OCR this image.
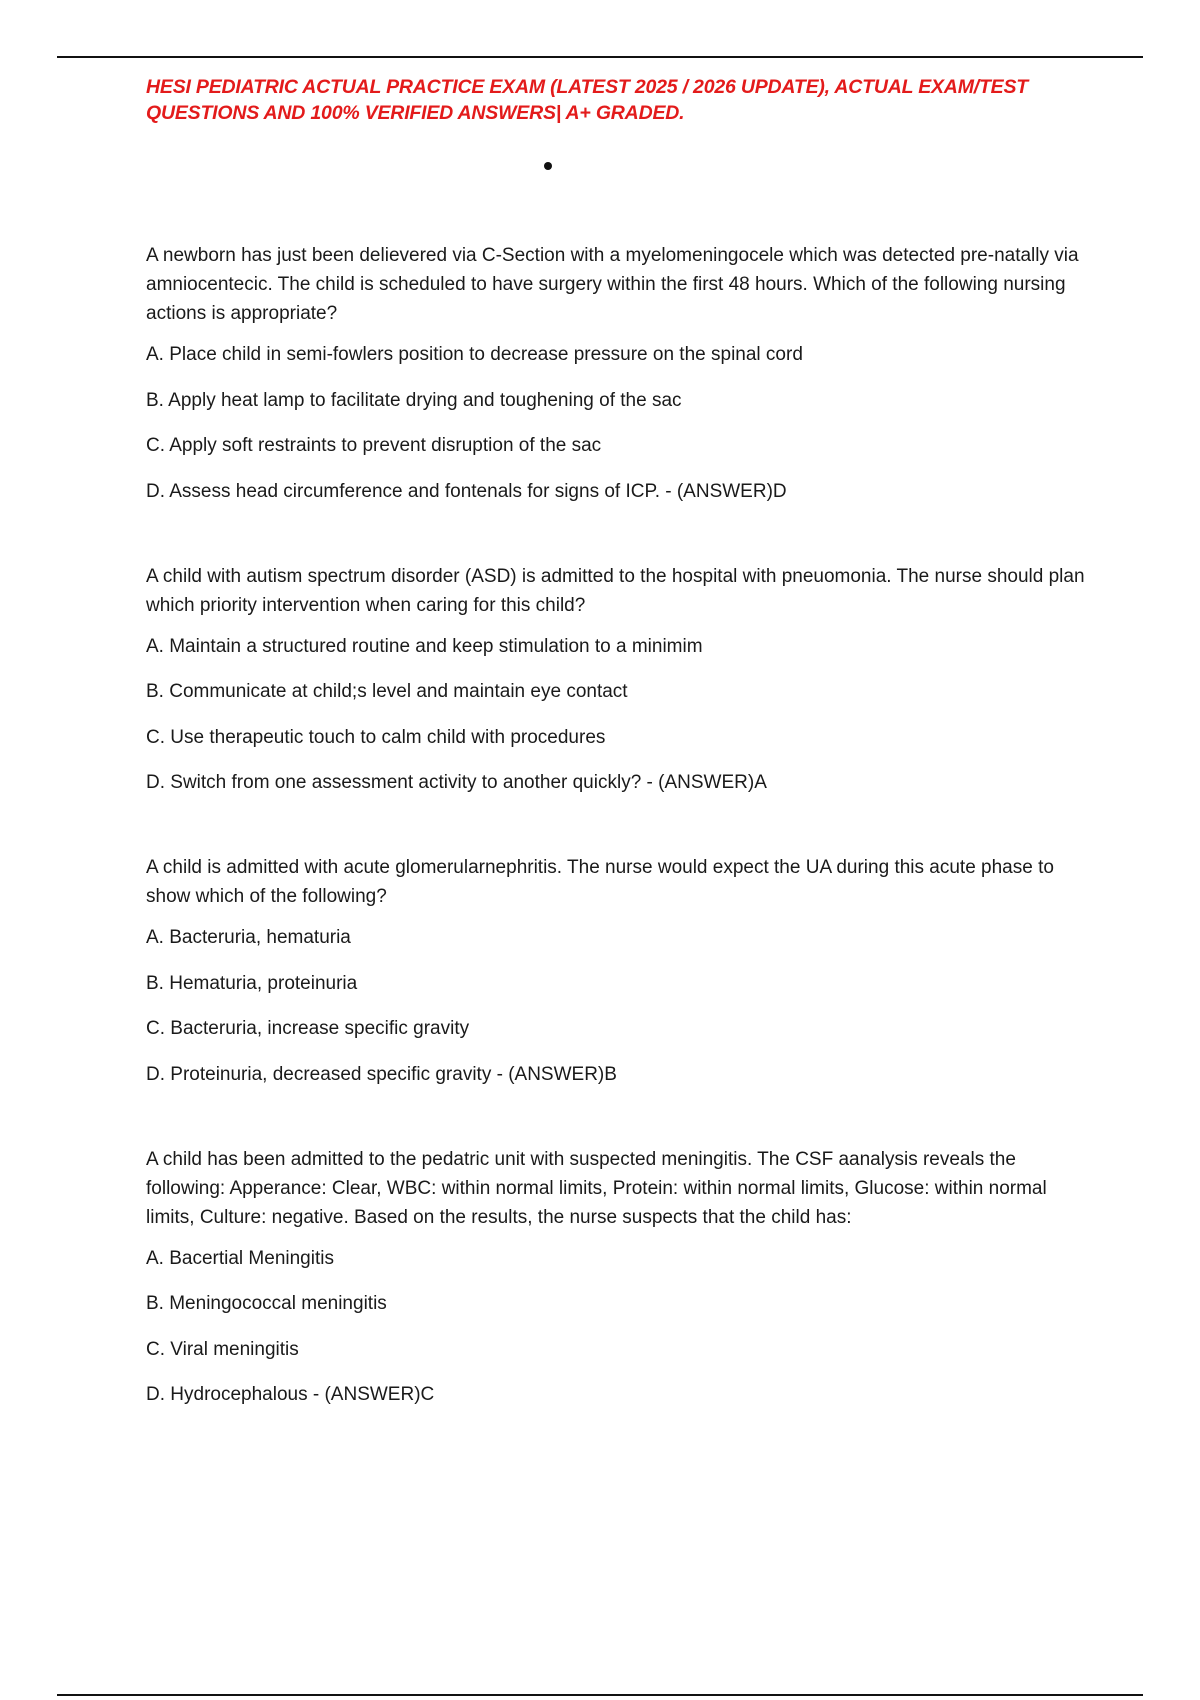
HESI PEDIATRIC ACTUAL PRACTICE EXAM (LATEST 2025 / 2026 UPDATE), ACTUAL EXAM/TEST QUESTIONS AND 100% VERIFIED ANSWERS| A+ GRADED.

A newborn has just been delievered via C-Section with a myelomeningocele which was detected pre-natally via amniocentecic. The child is scheduled to have surgery within the first 48 hours. Which of the following nursing actions is appropriate?

A. Place child in semi-fowlers position to decrease pressure on the spinal cord

B. Apply heat lamp to facilitate drying and toughening of the sac

C. Apply soft restraints to prevent disruption of the sac

D. Assess head circumference and fontenals for signs of ICP. - (ANSWER)D

A child with autism spectrum disorder (ASD) is admitted to the hospital with pneuomonia. The nurse should plan which priority intervention when caring for this child?

A. Maintain a structured routine and keep stimulation to a minimim

B. Communicate at child;s level and maintain eye contact

C. Use therapeutic touch to calm child with procedures

D. Switch from one assessment activity to another quickly? - (ANSWER)A

A child is admitted with acute glomerularnephritis. The nurse would expect the UA during this acute phase to show which of the following?

A. Bacteruria, hematuria

B. Hematuria, proteinuria

C. Bacteruria, increase specific gravity

D. Proteinuria, decreased specific gravity - (ANSWER)B

A child has been admitted to the pedatric unit with suspected meningitis. The CSF aanalysis reveals the following: Apperance: Clear, WBC: within normal limits, Protein: within normal limits, Glucose: within normal limits, Culture: negative. Based on the results, the nurse suspects that the child has:

A. Bacertial Meningitis

B. Meningococcal meningitis

C. Viral meningitis

D. Hydrocephalous - (ANSWER)C
